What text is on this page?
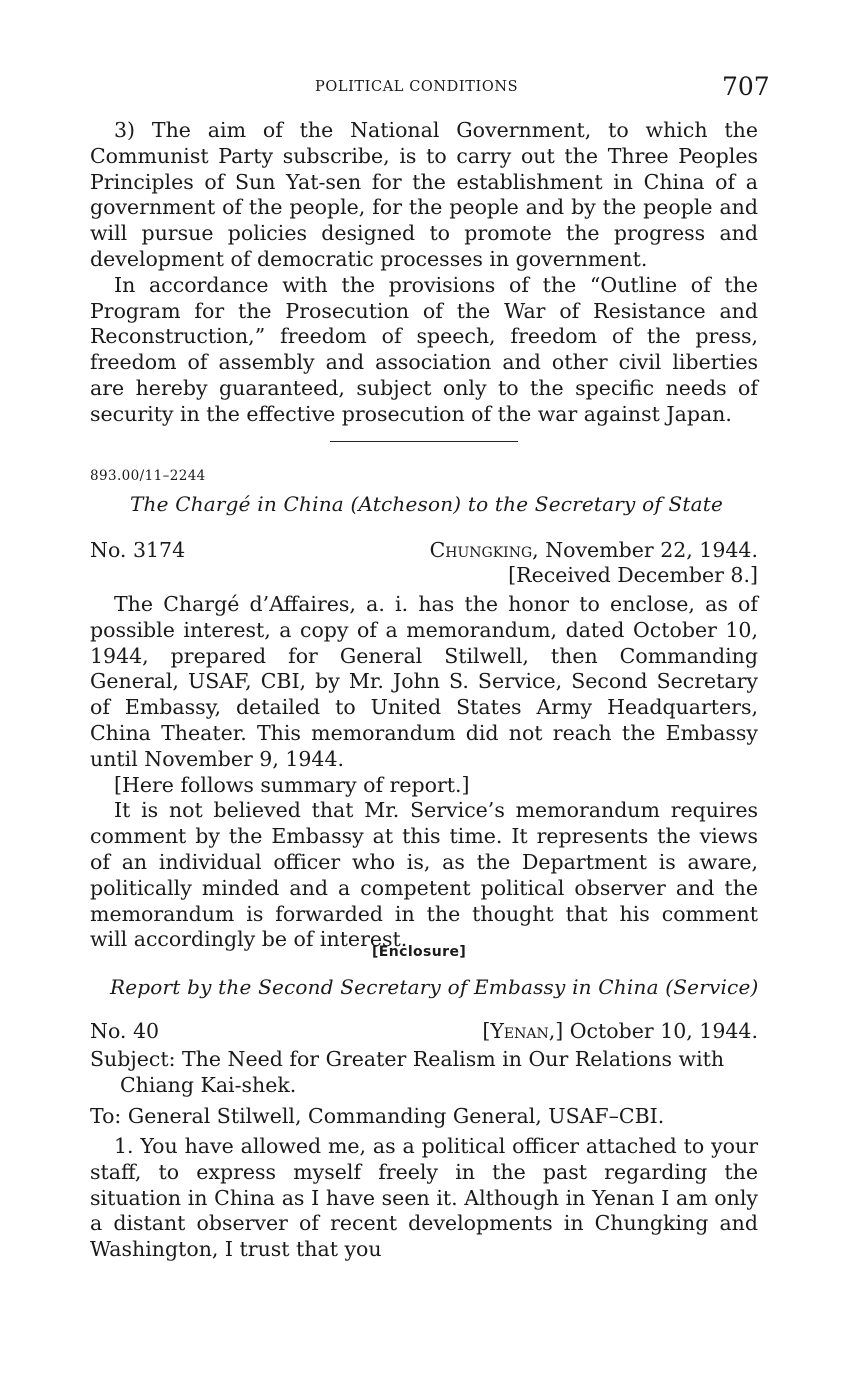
POLITICAL CONDITIONS	707

3) The aim of the National Government, to which the Communist Party subscribe, is to carry out the Three Peoples Principles of Sun Yat-sen for the establishment in China of a government of the people, for the people and by the people and will pursue policies designed to promote the progress and development of democratic processes in government.

In accordance with the provisions of the “Outline of the Program for the Prosecution of the War of Resistance and Reconstruction,” freedom of speech, freedom of the press, freedom of assembly and association and other civil liberties are hereby guaranteed, subject only to the specific needs of security in the effective prosecution of the war against Japan.

893.00/11–2244
The Chargé in China (Atcheson) to the Secretary of State
No. 3174	Chungking, November 22, 1944.
[Received December 8.]

The Chargé d’Affaires, a. i. has the honor to enclose, as of possible interest, a copy of a memorandum, dated October 10, 1944, prepared for General Stilwell, then Commanding General, USAF, CBI, by Mr. John S. Service, Second Secretary of Embassy, detailed to United States Army Headquarters, China Theater. This memorandum did not reach the Embassy until November 9, 1944.

[Here follows summary of report.]

It is not believed that Mr. Service’s memorandum requires comment by the Embassy at this time. It represents the views of an individual officer who is, as the Department is aware, politically minded and a competent political observer and the memorandum is forwarded in the thought that his comment will accordingly be of interest.

[Enclosure]
Report by the Second Secretary of Embassy in China (Service)
No. 40	[Yenan,] October 10, 1944.
Subject: The Need for Greater Realism in Our Relations with Chiang Kai-shek.
To: General Stilwell, Commanding General, USAF–CBI.

1. You have allowed me, as a political officer attached to your staff, to express myself freely in the past regarding the situation in China as I have seen it. Although in Yenan I am only a distant observer of recent developments in Chungking and Washington, I trust that you
